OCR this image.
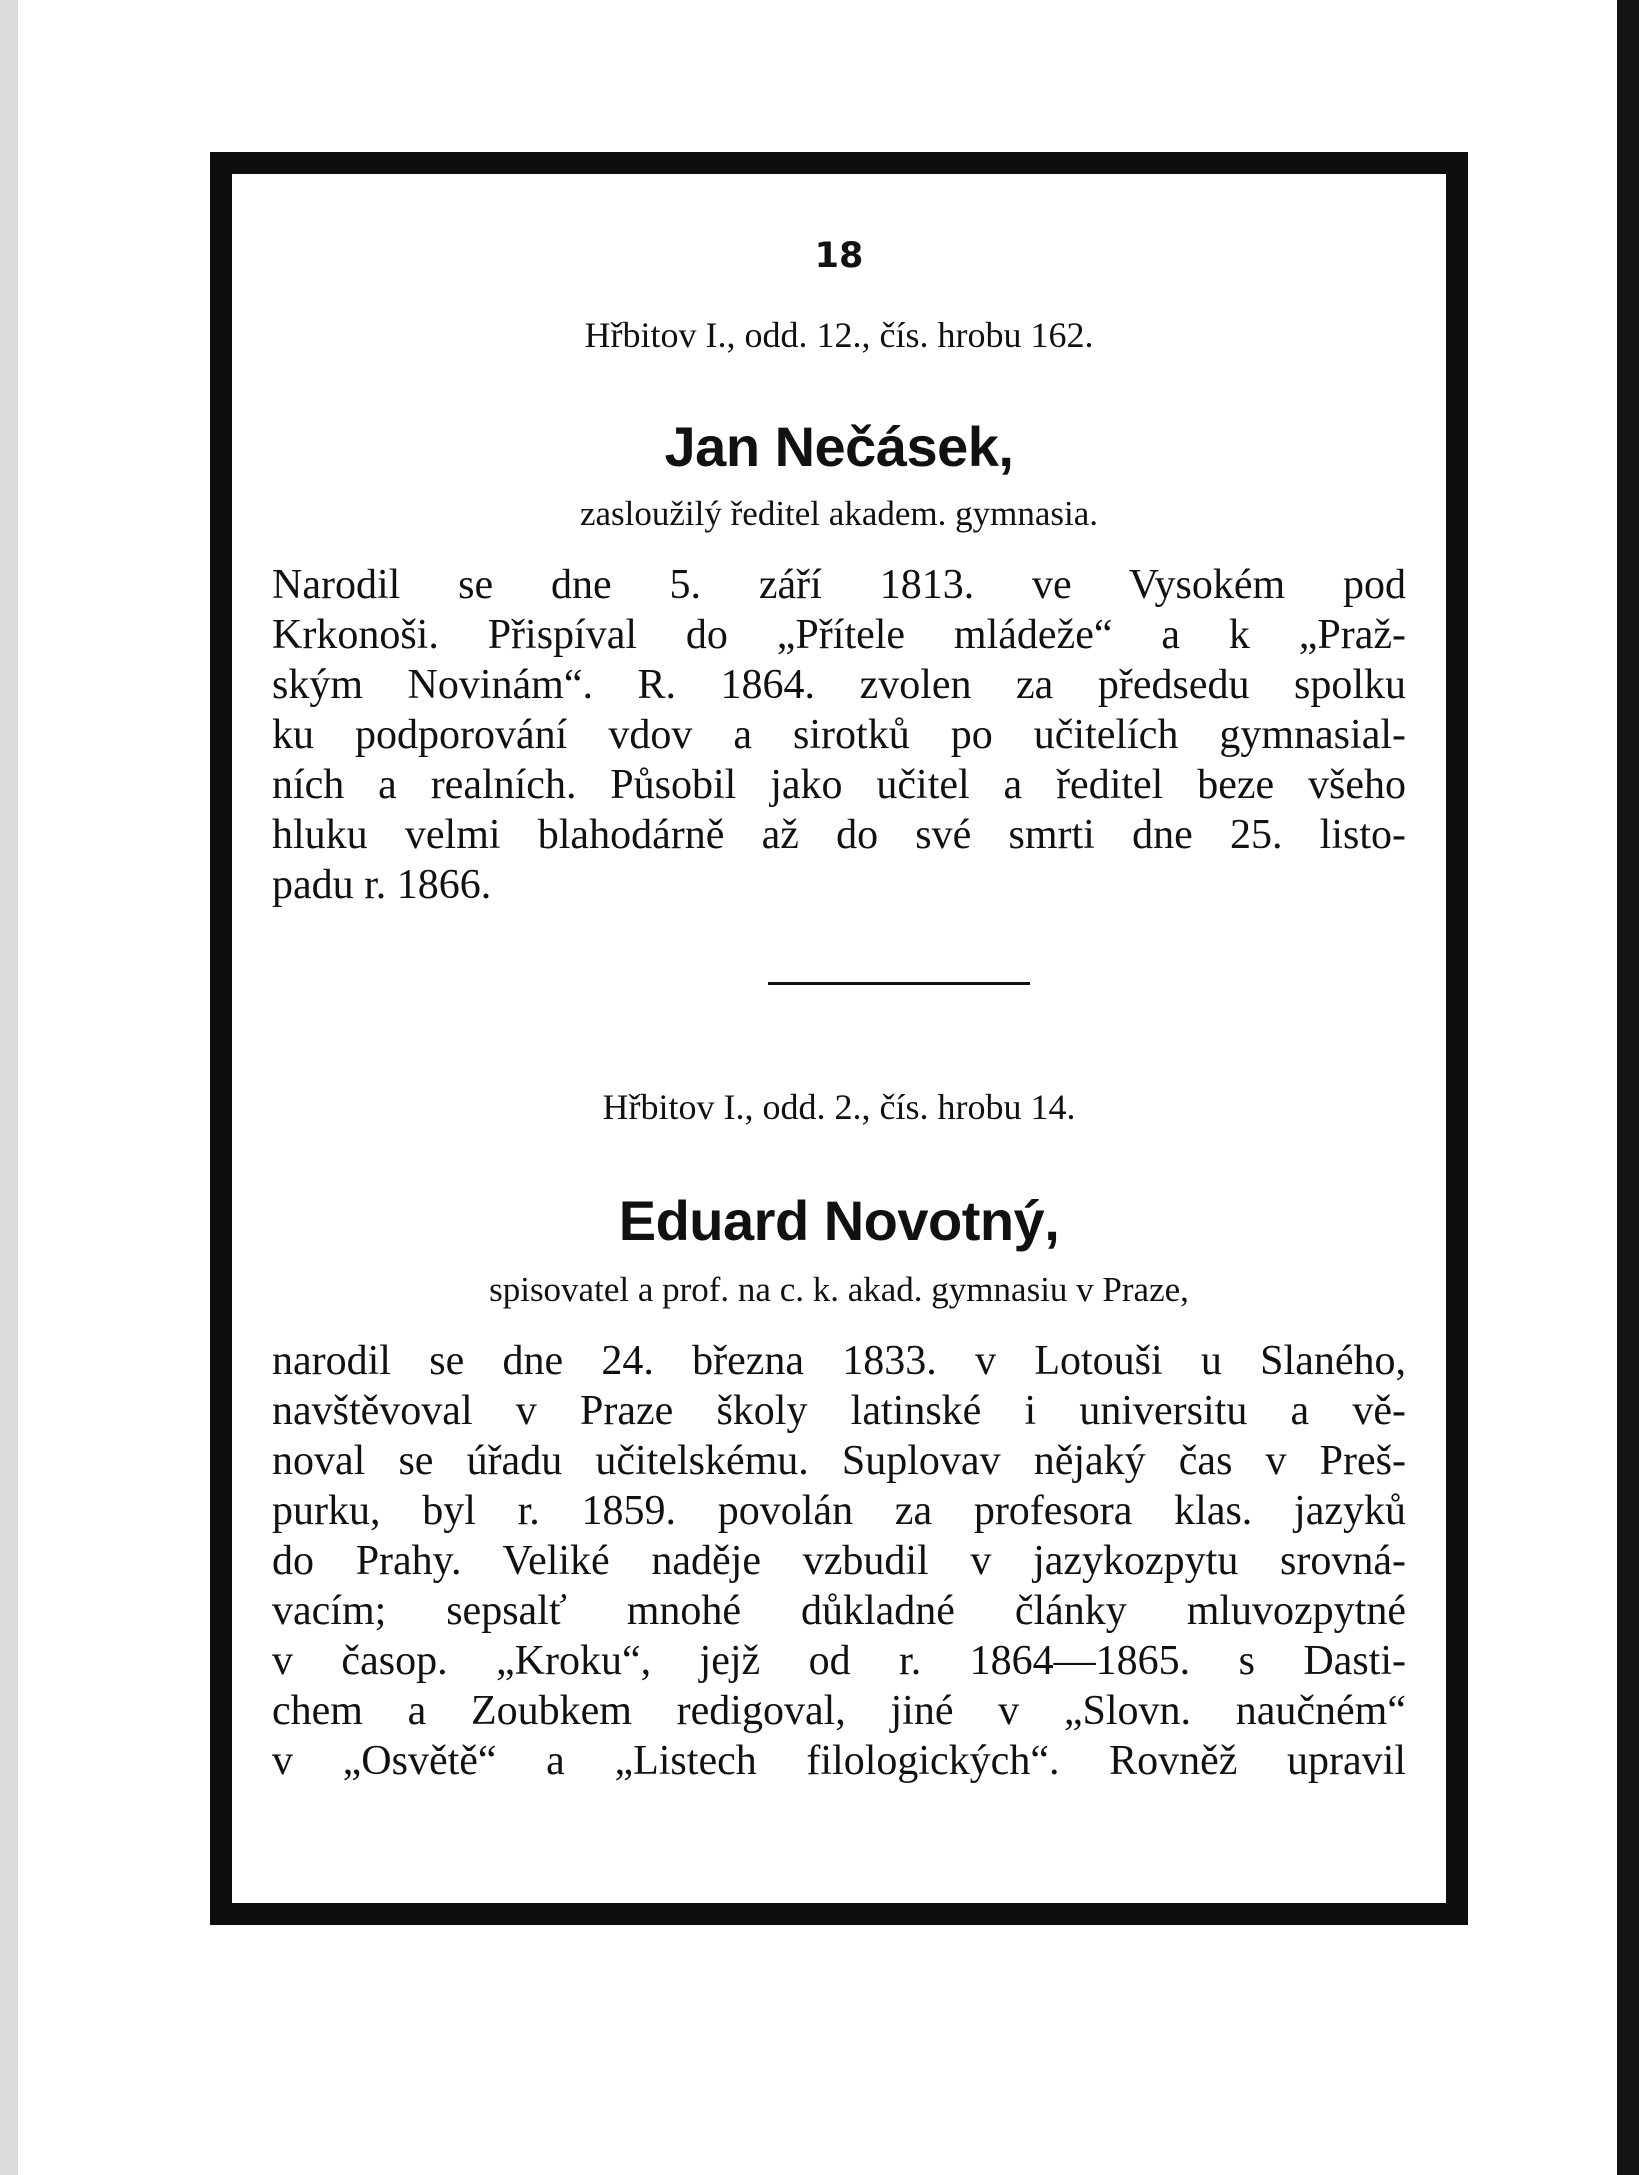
18
Hřbitov I., odd. 12., čís. hrobu 162.
Jan Nečásek,
zasloužilý ředitel akadem. gymnasia.
Narodil se dne 5. září 1813. ve Vysokém pod
Krkonoši. Přispíval do „Přítele mládeže“ a k „Praž-
ským Novinám“. R. 1864. zvolen za předsedu spolku
ku podporování vdov a sirotků po učitelích gymnasial-
ních a realních. Působil jako učitel a ředitel beze všeho
hluku velmi blahodárně až do své smrti dne 25. listo-
padu r. 1866.
Hřbitov I., odd. 2., čís. hrobu 14.
Eduard Novotný,
spisovatel a prof. na c. k. akad. gymnasiu v Praze,
narodil se dne 24. března 1833. v Lotouši u Slaného,
navštěvoval v Praze školy latinské i universitu a vě-
noval se úřadu učitelskému. Suplovav nějaký čas v Preš-
purku, byl r. 1859. povolán za profesora klas. jazyků
do Prahy. Veliké naděje vzbudil v jazykozpytu srovná-
vacím; sepsalť mnohé důkladné články mluvozpytné
v časop. „Kroku“, jejž od r. 1864—1865. s Dasti-
chem a Zoubkem redigoval, jiné v „Slovn. naučném“
v „Osvětě“ a „Listech filologických“. Rovněž upravil
